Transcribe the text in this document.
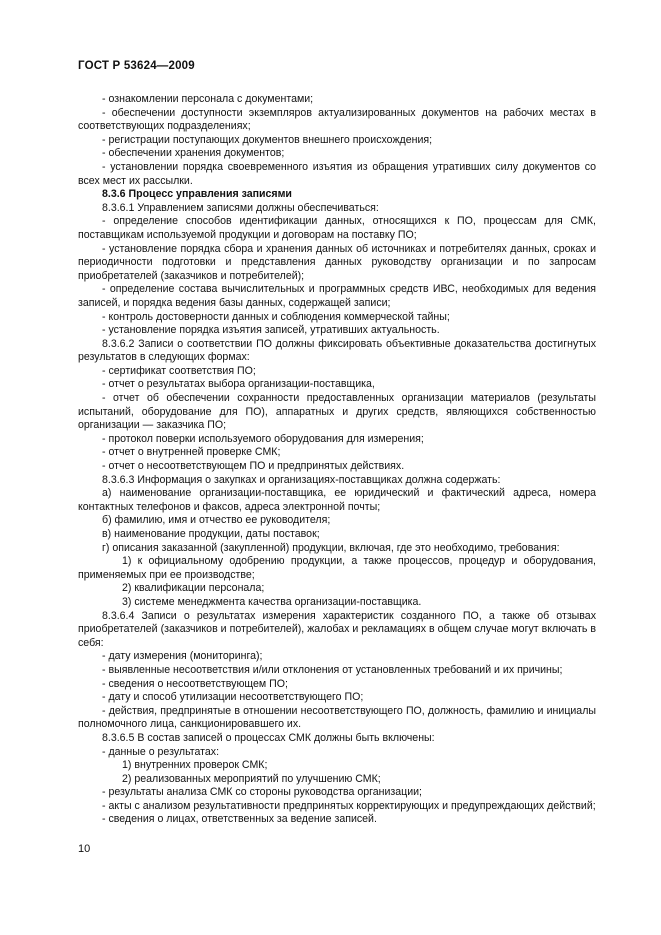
ГОСТ Р 53624—2009

- ознакомлении персонала с документами;

- обеспечении доступности экземпляров актуализированных документов на рабочих местах в соответствующих подразделениях;

- регистрации поступающих документов внешнего происхождения;

- обеспечении хранения документов;

- установлении порядка своевременного изъятия из обращения утративших силу документов со всех мест их рассылки.

8.3.6 Процесс управления записями

8.3.6.1 Управлением записями должны обеспечиваться:

- определение способов идентификации данных, относящихся к ПО, процессам для СМК, поставщикам используемой продукции и договорам на поставку ПО;

- установление порядка сбора и хранения данных об источниках и потребителях данных, сроках и периодичности подготовки и представления данных руководству организации и по запросам приобретателей (заказчиков и потребителей);

- определение состава вычислительных и программных средств ИВС, необходимых для ведения записей, и порядка ведения базы данных, содержащей записи;

- контроль достоверности данных и соблюдения коммерческой тайны;

- установление порядка изъятия записей, утративших актуальность.

8.3.6.2 Записи о соответствии ПО должны фиксировать объективные доказательства достигнутых результатов в следующих формах:

- сертификат соответствия ПО;

- отчет о результатах выбора организации-поставщика,

- отчет об обеспечении сохранности предоставленных организации материалов (результаты испытаний, оборудование для ПО), аппаратных и других средств, являющихся собственностью организации — заказчика ПО;

- протокол поверки используемого оборудования для измерения;

- отчет о внутренней проверке СМК;

- отчет о несоответствующем ПО и предпринятых действиях.

8.3.6.3 Информация о закупках и организациях-поставщиках должна содержать:

а) наименование организации-поставщика, ее юридический и фактический адреса, номера контактных телефонов и факсов, адреса электронной почты;

б) фамилию, имя и отчество ее руководителя;

в) наименование продукции, даты поставок;

г) описания заказанной (закупленной) продукции, включая, где это необходимо, требования:

1) к официальному одобрению продукции, а также процессов, процедур и оборудования, применяемых при ее производстве;

2) квалификации персонала;

3) системе менеджмента качества организации-поставщика.

8.3.6.4 Записи о результатах измерения характеристик созданного ПО, а также об отзывах приобретателей (заказчиков и потребителей), жалобах и рекламациях в общем случае могут включать в себя:

- дату измерения (мониторинга);

- выявленные несоответствия и/или отклонения от установленных требований и их причины;

- сведения о несоответствующем ПО;

- дату и способ утилизации несоответствующего ПО;

- действия, предпринятые в отношении несоответствующего ПО, должность, фамилию и инициалы полномочного лица, санкционировавшего их.

8.3.6.5 В состав записей о процессах СМК должны быть включены:

- данные о результатах:

1) внутренних проверок СМК;

2) реализованных мероприятий по улучшению СМК;

- результаты анализа СМК со стороны руководства организации;

- акты с анализом результативности предпринятых корректирующих и предупреждающих действий;

- сведения о лицах, ответственных за ведение записей.

10
